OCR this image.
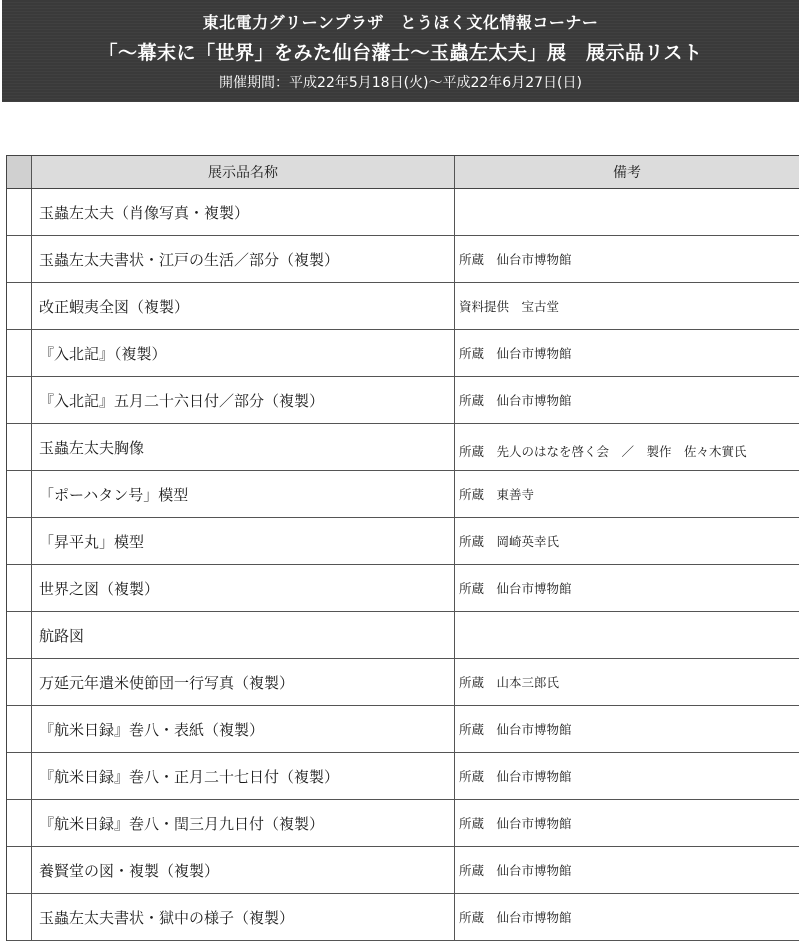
東北電力グリーンプラザ　とうほく文化情報コーナー
「～幕末に「世界」をみた仙台藩士～玉蟲左太夫」展　展示品リスト
開催期間：平成22年5月18日(火)～平成22年6月27日(日)
展示品名称	備考
玉蟲左太夫（肖像写真・複製）
玉蟲左太夫書状・江戸の生活／部分（複製）	所蔵　仙台市博物館
改正蝦夷全図（複製）	資料提供　宝古堂
『入北記』（複製）	所蔵　仙台市博物館
『入北記』五月二十六日付／部分（複製）	所蔵　仙台市博物館
玉蟲左太夫胸像	所蔵　先人のはなを啓く会　／　製作　佐々木實氏
「ポーハタン号」模型	所蔵　東善寺
「昇平丸」模型	所蔵　岡崎英幸氏
世界之図（複製）	所蔵　仙台市博物館
航路図
万延元年遣米使節団一行写真（複製）	所蔵　山本三郎氏
『航米日録』巻八・表紙（複製）	所蔵　仙台市博物館
『航米日録』巻八・正月二十七日付（複製）	所蔵　仙台市博物館
『航米日録』巻八・閏三月九日付（複製）	所蔵　仙台市博物館
養賢堂の図・複製（複製）	所蔵　仙台市博物館
玉蟲左太夫書状・獄中の様子（複製）	所蔵　仙台市博物館
